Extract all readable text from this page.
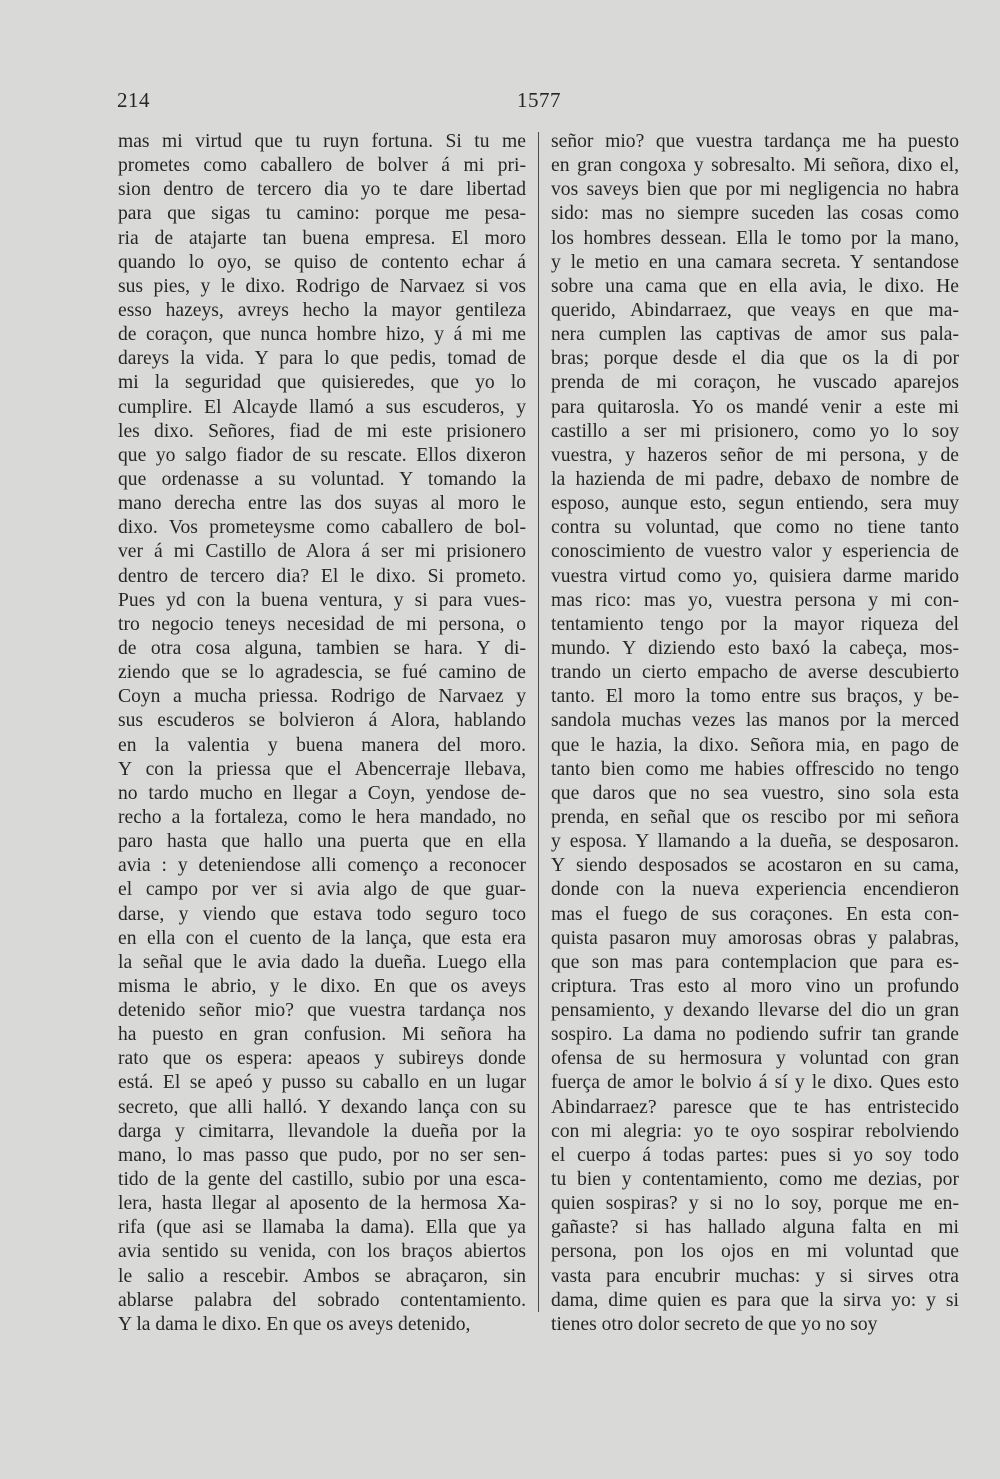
214	1577
mas mi virtud que tu ruyn fortuna. Si tu me
prometes como caballero de bolver á mi pri-
sion dentro de tercero dia yo te dare libertad
para que sigas tu camino: porque me pesa-
ria de atajarte tan buena empresa. El moro
quando lo oyo, se quiso de contento echar á
sus pies, y le dixo. Rodrigo de Narvaez si vos
esso hazeys, avreys hecho la mayor gentileza
de coraçon, que nunca hombre hizo, y á mi me
dareys la vida. Y para lo que pedis, tomad de
mi la seguridad que quisieredes, que yo lo
cumplire. El Alcayde llamó a sus escuderos, y
les dixo. Señores, fiad de mi este prisionero
que yo salgo fiador de su rescate. Ellos dixeron
que ordenasse a su voluntad. Y tomando la
mano derecha entre las dos suyas al moro le
dixo. Vos prometeysme como caballero de bol-
ver á mi Castillo de Alora á ser mi prisionero
dentro de tercero dia? El le dixo. Si prometo.
Pues yd con la buena ventura, y si para vues-
tro negocio teneys necesidad de mi persona, o
de otra cosa alguna, tambien se hara. Y di-
ziendo que se lo agradescia, se fué camino de
Coyn a mucha priessa. Rodrigo de Narvaez y
sus escuderos se bolvieron á Alora, hablando
en la valentia y buena manera del moro.
Y con la priessa que el Abencerraje llebava,
no tardo mucho en llegar a Coyn, yendose de-
recho a la fortaleza, como le hera mandado, no
paro hasta que hallo una puerta que en ella
avia : y deteniendose alli començo a reconocer
el campo por ver si avia algo de que guar-
darse, y viendo que estava todo seguro toco
en ella con el cuento de la lança, que esta era
la señal que le avia dado la dueña. Luego ella
misma le abrio, y le dixo. En que os aveys
detenido señor mio? que vuestra tardança nos
ha puesto en gran confusion. Mi señora ha
rato que os espera: apeaos y subireys donde
está. El se apeó y pusso su caballo en un lugar
secreto, que alli halló. Y dexando lança con su
darga y cimitarra, llevandole la dueña por la
mano, lo mas passo que pudo, por no ser sen-
tido de la gente del castillo, subio por una esca-
lera, hasta llegar al aposento de la hermosa Xa-
rifa (que asi se llamaba la dama). Ella que ya
avia sentido su venida, con los braços abiertos
le salio a rescebir. Ambos se abraçaron, sin
ablarse palabra del sobrado contentamiento.
Y la dama le dixo. En que os aveys detenido,
señor mio? que vuestra tardança me ha puesto
en gran congoxa y sobresalto. Mi señora, dixo el,
vos saveys bien que por mi negligencia no habra
sido: mas no siempre suceden las cosas como
los hombres dessean. Ella le tomo por la mano,
y le metio en una camara secreta. Y sentandose
sobre una cama que en ella avia, le dixo. He
querido, Abindarraez, que veays en que ma-
nera cumplen las captivas de amor sus pala-
bras; porque desde el dia que os la di por
prenda de mi coraçon, he vuscado aparejos
para quitarosla. Yo os mandé venir a este mi
castillo a ser mi prisionero, como yo lo soy
vuestra, y hazeros señor de mi persona, y de
la hazienda de mi padre, debaxo de nombre de
esposo, aunque esto, segun entiendo, sera muy
contra su voluntad, que como no tiene tanto
conoscimiento de vuestro valor y esperiencia de
vuestra virtud como yo, quisiera darme marido
mas rico: mas yo, vuestra persona y mi con-
tentamiento tengo por la mayor riqueza del
mundo. Y diziendo esto baxó la cabeça, mos-
trando un cierto empacho de averse descubierto
tanto. El moro la tomo entre sus braços, y be-
sandola muchas vezes las manos por la merced
que le hazia, la dixo. Señora mia, en pago de
tanto bien como me habies offrescido no tengo
que daros que no sea vuestro, sino sola esta
prenda, en señal que os rescibo por mi señora
y esposa. Y llamando a la dueña, se desposaron.
Y siendo desposados se acostaron en su cama,
donde con la nueva experiencia encendieron
mas el fuego de sus coraçones. En esta con-
quista pasaron muy amorosas obras y palabras,
que son mas para contemplacion que para es-
criptura. Tras esto al moro vino un profundo
pensamiento, y dexando llevarse del dio un gran
sospiro. La dama no podiendo sufrir tan grande
ofensa de su hermosura y voluntad con gran
fuerça de amor le bolvio á sí y le dixo. Ques esto
Abindarraez? paresce que te has entristecido
con mi alegria: yo te oyo sospirar rebolviendo
el cuerpo á todas partes: pues si yo soy todo
tu bien y contentamiento, como me dezias, por
quien sospiras? y si no lo soy, porque me en-
gañaste? si has hallado alguna falta en mi
persona, pon los ojos en mi voluntad que
vasta para encubrir muchas: y si sirves otra
dama, dime quien es para que la sirva yo: y si
tienes otro dolor secreto de que yo no soy
